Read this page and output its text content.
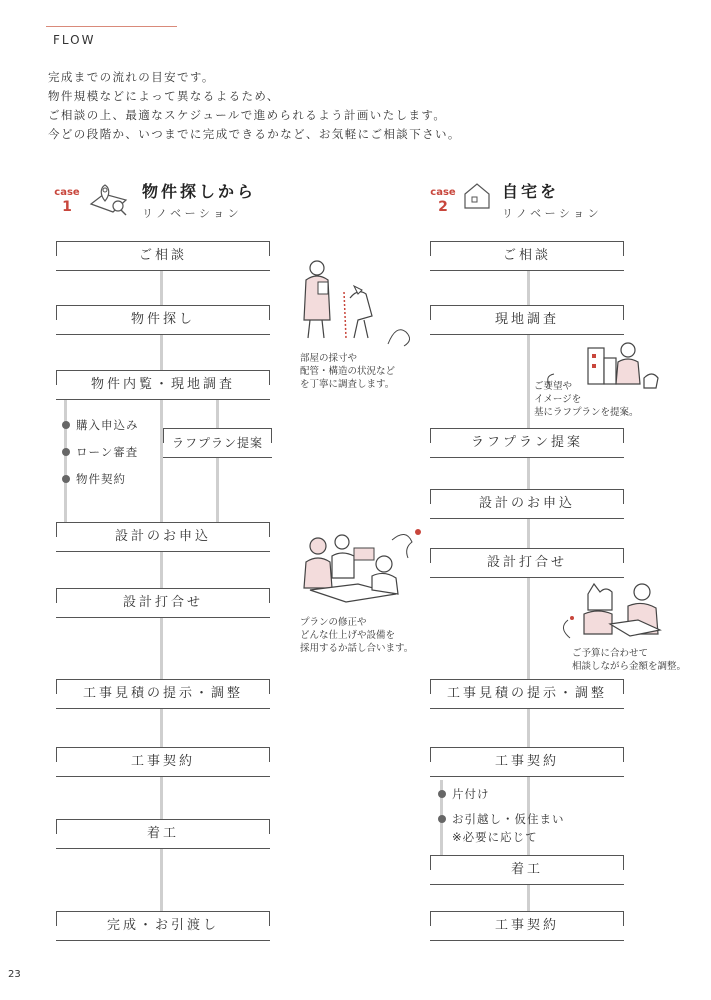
FLOW
完成までの流れの目安です。
物件規模などによって異なるよるため、
ご相談の上、最適なスケジュールで進められるよう計画いたします。
今どの段階か、いつまでに完成できるかなど、お気軽にご相談下さい。
case
1
物件探しから
リノベーション
ご相談
物件探し
物件内覧・現地調査
購入申込み
ローン審査
物件契約
ラフプラン提案
設計のお申込
設計打合せ
工事見積の提示・調整
工事契約
着工
完成・お引渡し
case
2
自宅を
リノベーション
ご相談
現地調査
ラフプラン提案
設計のお申込
設計打合せ
工事見積の提示・調整
工事契約
片付け
お引越し・仮住まい
※必要に応じて
着工
工事契約
部屋の採寸や
配管・構造の状況など
を丁寧に調査します。	ご要望や
イメージを
基にラフプランを提案。
プランの修正や
どんな仕上げや設備を
採用するか話し合います。	ご予算に合わせて
相談しながら金額を調整。
23
